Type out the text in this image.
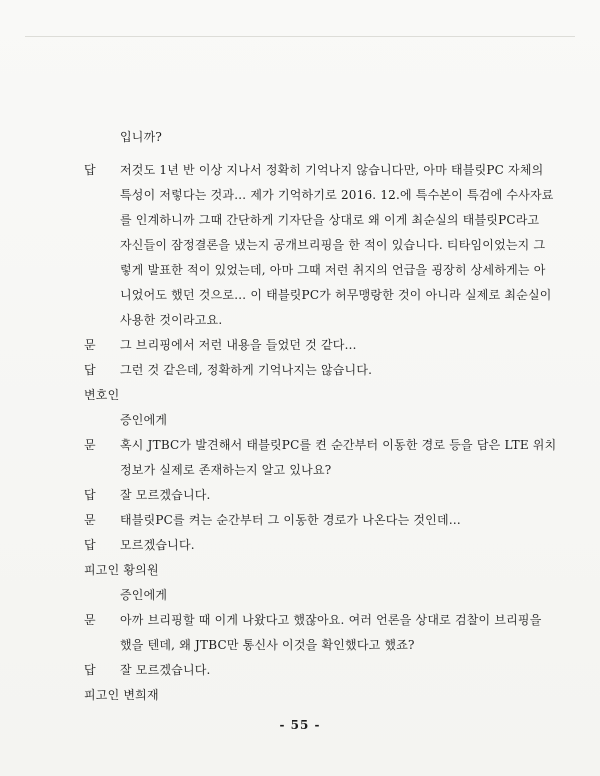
입니까?
답 저것도 1년 반 이상 지나서 정확히 기억나지 않습니다만, 아마 태블릿PC 자체의
특성이 저렇다는 것과… 제가 기억하기로 2016. 12.에 특수본이 특검에 수사자료
를 인계하니까 그때 간단하게 기자단을 상대로 왜 이게 최순실의 태블릿PC라고
자신들이 잠정결론을 냈는지 공개브리핑을 한 적이 있습니다. 티타임이었는지 그
렇게 발표한 적이 있었는데, 아마 그때 저런 취지의 언급을 굉장히 상세하게는 아
니었어도 했던 것으로… 이 태블릿PC가 허무맹랑한 것이 아니라 실제로 최순실이
사용한 것이라고요.
문 그 브리핑에서 저런 내용을 들었던 것 같다…
답 그런 것 같은데, 정확하게 기억나지는 않습니다.
변호인
증인에게
문 혹시 JTBC가 발견해서 태블릿PC를 켠 순간부터 이동한 경로 등을 담은 LTE 위치
정보가 실제로 존재하는지 알고 있나요?
답 잘 모르겠습니다.
문 태블릿PC를 켜는 순간부터 그 이동한 경로가 나온다는 것인데…
답 모르겠습니다.
피고인 황의원
증인에게
문 아까 브리핑할 때 이게 나왔다고 했잖아요. 여러 언론을 상대로 검찰이 브리핑을
했을 텐데, 왜 JTBC만 통신사 이것을 확인했다고 했죠?
답 잘 모르겠습니다.
피고인 변희재
- 55 -
